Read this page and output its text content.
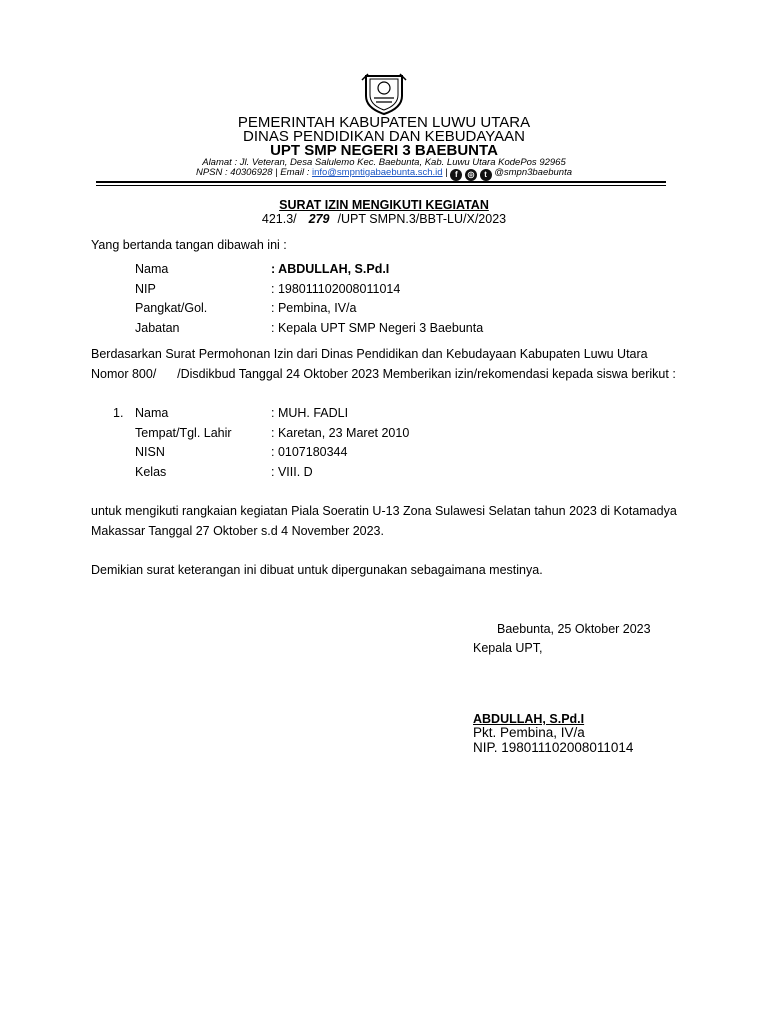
PEMERINTAH KABUPATEN LUWU UTARA
DINAS PENDIDIKAN DAN KEBUDAYAAN
UPT SMP NEGERI 3 BAEBUNTA
Alamat : Jl. Veteran, Desa Salulemo Kec. Baebunta, Kab. Luwu Utara KodePos 92965
NPSN : 40306928 | Email : info@smpntigabaebunta.sch.id | f ◎ t @smpn3baebunta
SURAT IZIN MENGIKUTI KEGIATAN
421.3/ 279 /UPT SMPN.3/BBT-LU/X/2023
Yang bertanda tangan dibawah ini :
Nama	: ABDULLAH, S.Pd.I
NIP	: 198011102008011014
Pangkat/Gol.	: Pembina, IV/a
Jabatan	: Kepala UPT SMP Negeri 3 Baebunta
Berdasarkan Surat Permohonan Izin dari Dinas Pendidikan dan Kebudayaan Kabupaten Luwu Utara
Nomor 800/      /Disdikbud Tanggal 24 Oktober 2023 Memberikan izin/rekomendasi kepada siswa berikut :
1. Nama	: MUH. FADLI
Tempat/Tgl. Lahir	: Karetan, 23 Maret 2010
NISN	: 0107180344
Kelas	: VIII. D
untuk mengikuti rangkaian kegiatan Piala Soeratin U-13 Zona Sulawesi Selatan tahun 2023 di Kotamadya
Makassar Tanggal 27 Oktober s.d 4 November 2023.
Demikian surat keterangan ini dibuat untuk dipergunakan sebagaimana mestinya.
Baebunta, 25 Oktober 2023
Kepala UPT,
ABDULLAH, S.Pd.I
Pkt. Pembina, IV/a
NIP. 198011102008011014
